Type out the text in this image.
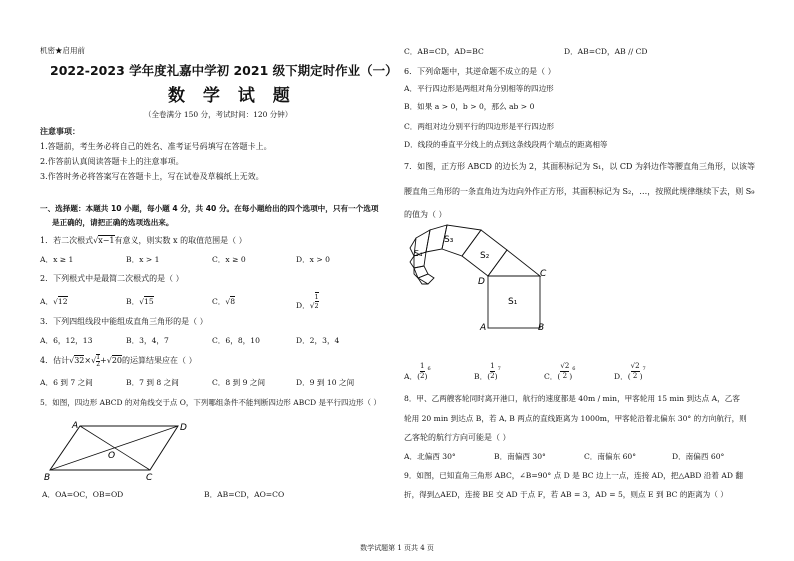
机密★启用前
2022-2023 学年度礼嘉中学初 2021 级下期定时作业（一）
数 学 试 题
（全卷满分 150 分，考试时间：120 分钟）
注意事项：
1.答题前，考生务必将自己的姓名、准考证号码填写在答题卡上。
2.作答前认真阅读答题卡上的注意事项。
3.作答时务必将答案写在答题卡上，写在试卷及草稿纸上无效。
一、选择题：本题共 10 小题，每小题 4 分，共 40 分。在每小题给出的四个选项中，只有一个选项
是正确的，请把正确的选项选出来。
1．若二次根式√x−1有意义，则实数 x 的取值范围是（ ）
A．x ≥ 1	B．x > 1	C．x ≥ 0	D．x > 0
2．下列根式中是最简二次根式的是（ ）
A．√12	B．√15	C．√8	D．√ $\frac{1}{2}$
3．下列四组线段中能组成直角三角形的是（ ）
A．6，12，13	B．3，4，7	C．6，8，10	D．2，3，4
4．估计$√32\times√ \frac{1}{2} +√20$的运算结果应在（ ）
A．6 到 7 之间	B．7 到 8 之间	C．8 到 9 之间	D．9 到 10 之间
5．如图，四边形 ABCD 的对角线交于点 O，下列哪组条件不能判断四边形 ABCD 是平行四边形（ ）
A	D
O
B	C
A．OA=OC，OB=OD	B．AB=CD，AO=CO
C．AB=CD，AD=BC	D．AB=CD，AB // CD
6．下列命题中，其逆命题不成立的是（ ）
A．平行四边形是两组对角分别相等的四边形
B．如果 a > 0，b > 0，那么 ab > 0
C．两组对边分别平行的四边形是平行四边形
D．线段的垂直平分线上的点到这条线段两个端点的距离相等
7．如图，正方形 ABCD 的边长为 2，其面积标记为 S₁，以 CD 为斜边作等腰直角三角形，以该等
腰直角三角形的一条直角边为边向外作正方形，其面积标记为 S₂，…，按照此规律继续下去，则 S₉
的值为（ ）
S₃
S₂
S₄
D
C
S₁
A	B
A．( $\frac{1}{2} )^6$
B．( $\frac{1}{2} )^7$
C．( $\frac{√2}{2} )^6$
D．( $\frac{√2}{2} )^7$
8．甲、乙两艘客轮同时离开港口，航行的速度都是 40m / min，甲客轮用 15 min 到达点 A，乙客
轮用 20 min 到达点 B，若 A, B 两点的直线距离为 1000m，甲客轮沿着北偏东 30° 的方向航行，则
乙客轮的航行方向可能是（ ）
A．北偏西 30°	B．南偏西 30°	C．南偏东 60°	D．南偏西 60°
9．如图，已知直角三角形 ABC，∠B=90° 点 D 是 BC 边上一点，连接 AD，把△ABD 沿着 AD 翻
折，得到△AED，连接 BE 交 AD 于点 F，若 AB = 3，AD = 5，则点 E 到 BC 的距离为（ ）
数学试题第 1 页共 4 页
